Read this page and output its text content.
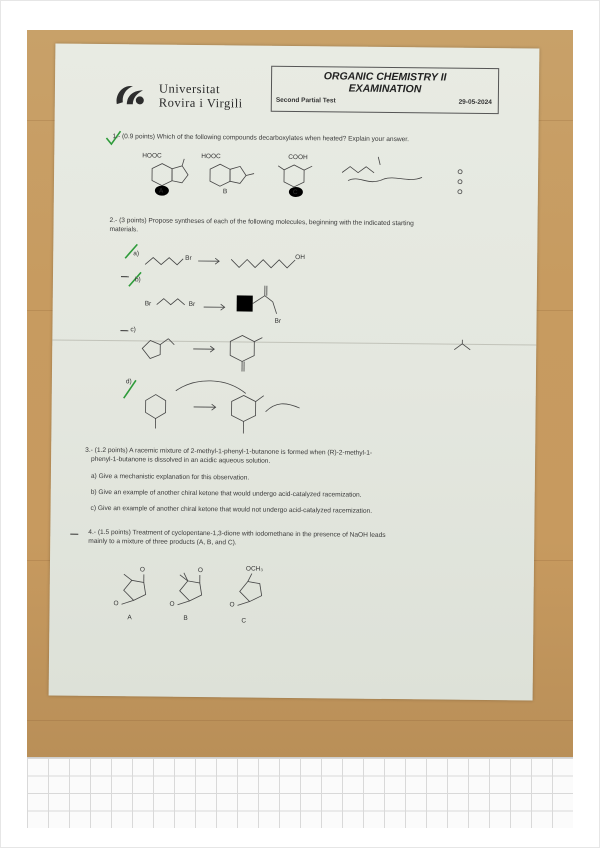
Universitat
Rovira i Virgili
ORGANIC CHEMISTRY II
EXAMINATION
Second Partial Test	29-05-2024
1.- (0.9 points) Which of the following compounds decarboxylates when heated? Explain your answer.
HOOC
A
HOOC
B
COOH
C
2.- (3 points) Propose syntheses of each of the following molecules, beginning with the indicated starting
materials.
a)
Br	OH
b)
Br	Br
Br
c)
d)
3.- (1.2 points) A racemic mixture of 2-methyl-1-phenyl-1-butanone is formed when (R)-2-methyl-1-
phenyl-1-butanone is dissolved in an acidic aqueous solution.
a) Give a mechanistic explanation for this observation.
b) Give an example of another chiral ketone that would undergo acid-catalyzed racemization.
c) Give an example of another chiral ketone that would not undergo acid-catalyzed racemization.
4.- (1.5 points) Treatment of cyclopentane-1,3-dione with iodomethane in the presence of NaOH leads
mainly to a mixture of three products (A, B, and C).
O
O
A
O
O
B
OCH₃
O
C
